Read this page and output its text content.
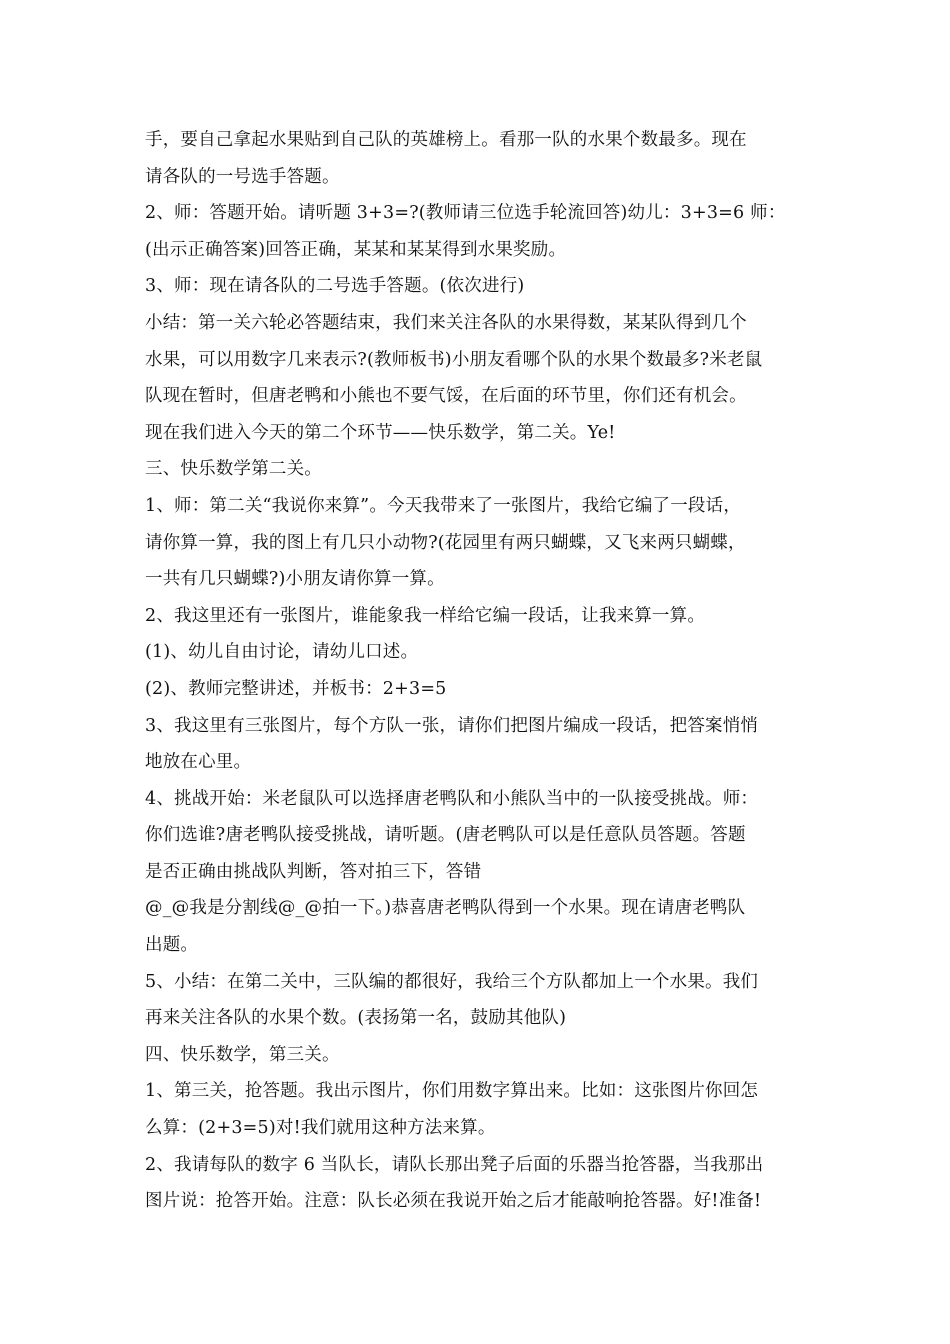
手，要自己拿起水果贴到自己队的英雄榜上。看那一队的水果个数最多。现在
请各队的一号选手答题。
2、师：答题开始。请听题 3+3=?(教师请三位选手轮流回答)幼儿：3+3=6 师：
(出示正确答案)回答正确，某某和某某得到水果奖励。
3、师：现在请各队的二号选手答题。(依次进行)
小结：第一关六轮必答题结束，我们来关注各队的水果得数，某某队得到几个
水果，可以用数字几来表示?(教师板书)小朋友看哪个队的水果个数最多?米老鼠
队现在暂时，但唐老鸭和小熊也不要气馁，在后面的环节里，你们还有机会。
现在我们进入今天的第二个环节——快乐数学，第二关。Ye!
三、快乐数学第二关。
1、师：第二关“我说你来算”。今天我带来了一张图片，我给它编了一段话，
请你算一算，我的图上有几只小动物?(花园里有两只蝴蝶，又飞来两只蝴蝶，
一共有几只蝴蝶?)小朋友请你算一算。
2、我这里还有一张图片，谁能象我一样给它编一段话，让我来算一算。
(1)、幼儿自由讨论，请幼儿口述。
(2)、教师完整讲述，并板书：2+3=5
3、我这里有三张图片，每个方队一张，请你们把图片编成一段话，把答案悄悄
地放在心里。
4、挑战开始：米老鼠队可以选择唐老鸭队和小熊队当中的一队接受挑战。师：
你们选谁?唐老鸭队接受挑战，请听题。(唐老鸭队可以是任意队员答题。答题
是否正确由挑战队判断，答对拍三下，答错
@_@我是分割线@_@拍一下。)恭喜唐老鸭队得到一个水果。现在请唐老鸭队
出题。
5、小结：在第二关中，三队编的都很好，我给三个方队都加上一个水果。我们
再来关注各队的水果个数。(表扬第一名，鼓励其他队)
四、快乐数学，第三关。
1、第三关，抢答题。我出示图片，你们用数字算出来。比如：这张图片你回怎
么算：(2+3=5)对!我们就用这种方法来算。
2、我请每队的数字 6 当队长，请队长那出凳子后面的乐器当抢答器，当我那出
图片说：抢答开始。注意：队长必须在我说开始之后才能敲响抢答器。好!准备!
